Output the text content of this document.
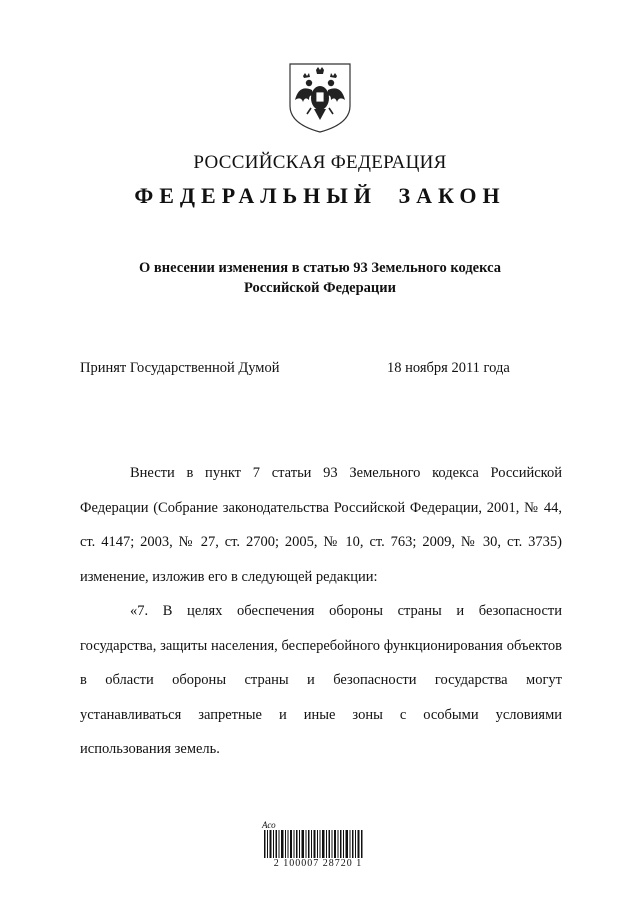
РОССИЙСКАЯ ФЕДЕРАЦИЯ
ФЕДЕРАЛЬНЫЙ ЗАКОН
О внесении изменения в статью 93 Земельного кодекса
Российской Федерации
Принят Государственной Думой	18 ноября 2011 года

Внести в пункт 7 статьи 93 Земельного кодекса Российской Федерации (Собрание законодательства Российской Федерации, 2001, № 44, ст. 4147; 2003, № 27, ст. 2700; 2005, № 10, ст. 763; 2009, № 30, ст. 3735) изменение, изложив его в следующей редакции:

«7. В целях обеспечения обороны страны и безопасности государства, защиты населения, бесперебойного функционирования объектов в области обороны страны и безопасности государства могут устанавливаться запретные и иные зоны с особыми условиями использования земель.

Асо
2 100007 28720 1
